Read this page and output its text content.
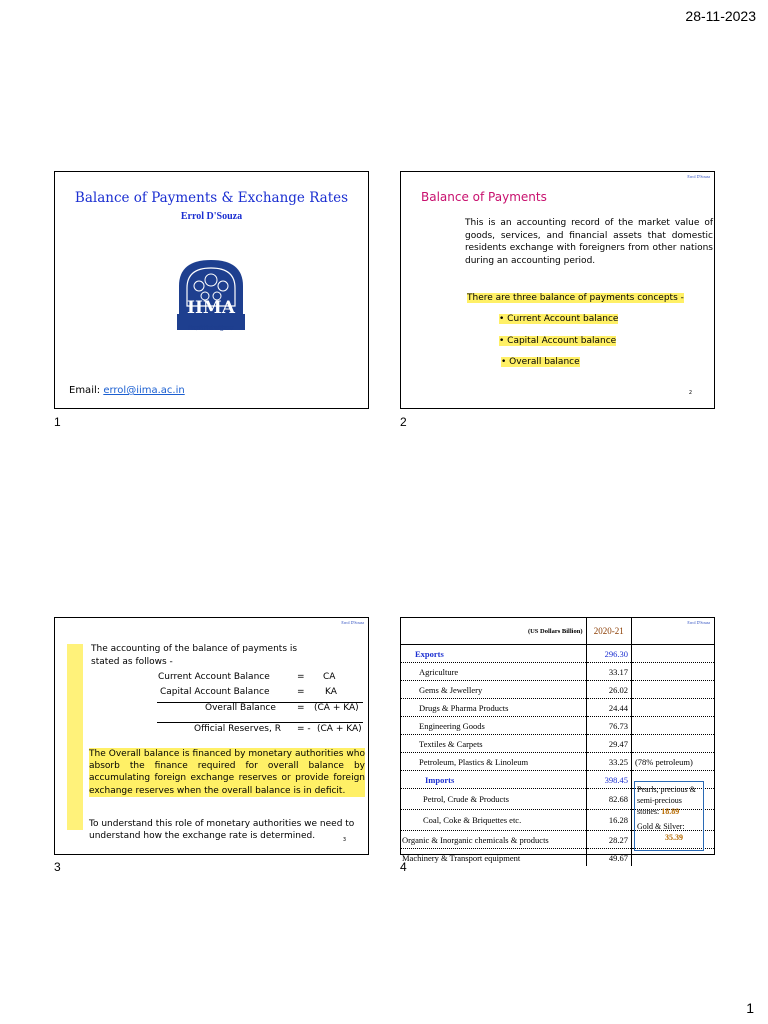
28-11-2023
Balance of Payments & Exchange Rates
Errol D'Souza
IIMA
विद्याविनियोगाद्विकास
Email: errol@iima.ac.in
1
Errol D'Souza
Balance of Payments
This is an accounting record of the market value of goods, services, and financial assets that domestic residents exchange with foreigners from other nations during an accounting period.
There are three balance of payments concepts -
• Current Account balance
• Capital Account balance
• Overall balance
2
2
Errol D'Souza
The accounting of the balance of payments is
stated as follows -
Current Account Balance	= CA
Capital Account Balance	= KA
Overall Balance = (CA + KA)
Official Reserves, R = - (CA + KA)
The Overall balance is financed by monetary authorities who absorb the finance required for overall balance by accumulating foreign exchange reserves or provide foreign exchange reserves when the overall balance is in deficit.
To understand this role of monetary authorities we need to understand how the exchange rate is determined.	3
3
Errol D'Souza
(US Dollars Billion)	2020-21	
Exports	296.30	
Agriculture	33.17	
Gems & Jewellery	26.02	
Drugs & Pharma Products	24.44	
Engineering Goods	76.73	
Textiles & Carpets	29.47	
Petroleum, Plastics & Linoleum	33.25	(78% petroleum)
Imports	398.45	
Petrol, Crude & Products	82.68	
Coal, Coke & Briquettes etc.	16.28	
Organic & Inorganic chemicals & products	28.27	
Machinery & Transport equipment	49.67	
Pearls, precious & semi-precious stones: 18.89
Gold & Silver:
35.39
4
1
